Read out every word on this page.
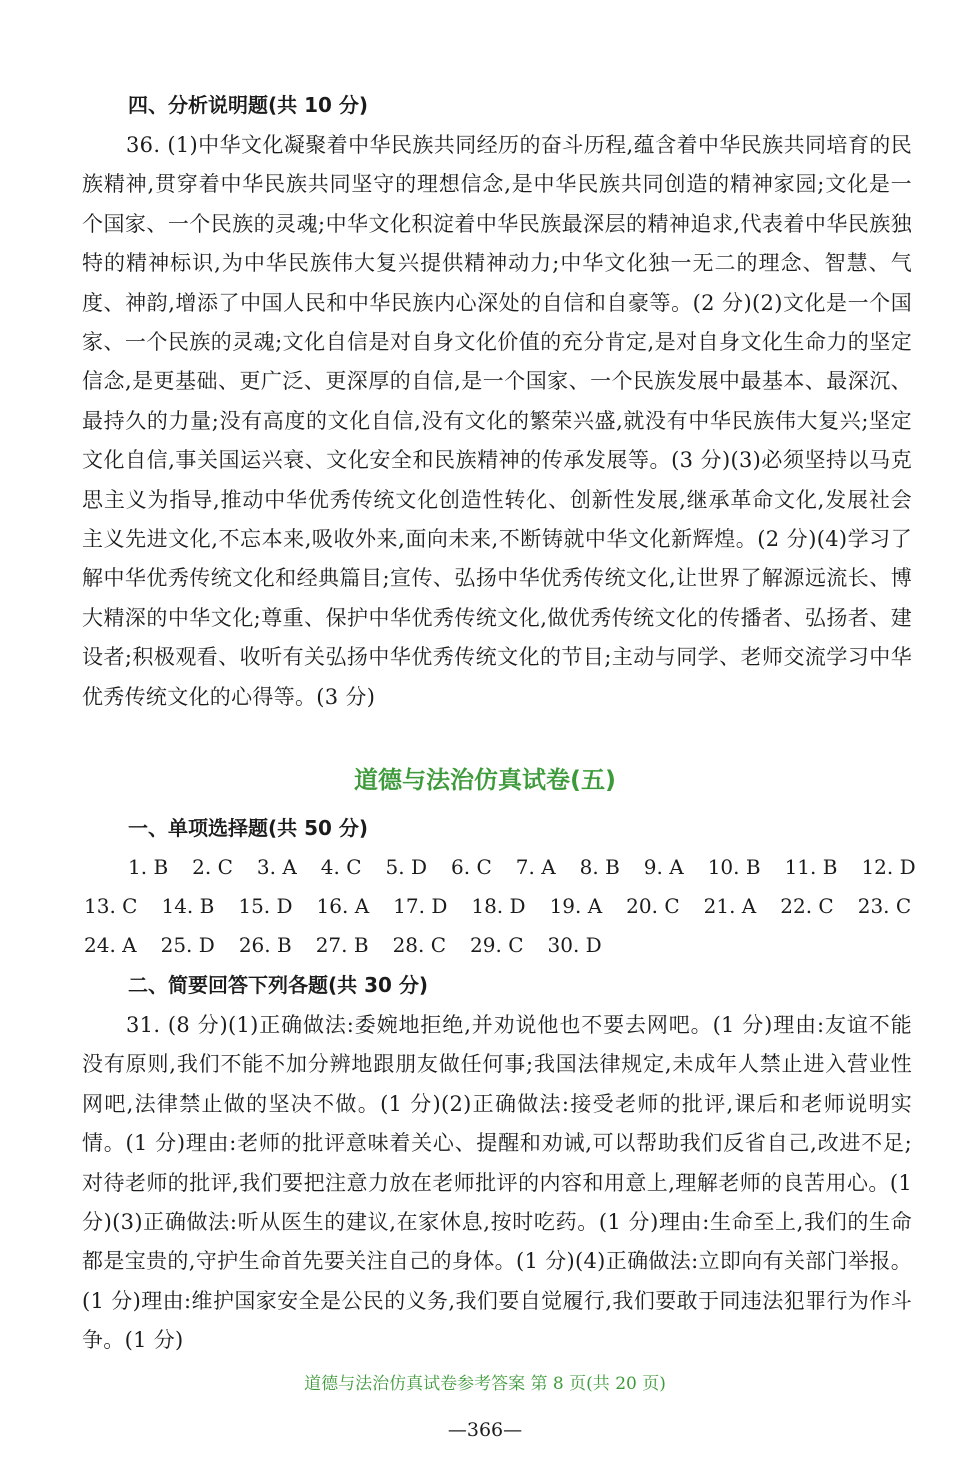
四、分析说明题(共 10 分)

36. (1)中华文化凝聚着中华民族共同经历的奋斗历程,蕴含着中华民族共同培育的民族精神,贯穿着中华民族共同坚守的理想信念,是中华民族共同创造的精神家园;文化是一个国家、一个民族的灵魂;中华文化积淀着中华民族最深层的精神追求,代表着中华民族独特的精神标识,为中华民族伟大复兴提供精神动力;中华文化独一无二的理念、智慧、气度、神韵,增添了中国人民和中华民族内心深处的自信和自豪等。(2 分)(2)文化是一个国家、一个民族的灵魂;文化自信是对自身文化价值的充分肯定,是对自身文化生命力的坚定信念,是更基础、更广泛、更深厚的自信,是一个国家、一个民族发展中最基本、最深沉、最持久的力量;没有高度的文化自信,没有文化的繁荣兴盛,就没有中华民族伟大复兴;坚定文化自信,事关国运兴衰、文化安全和民族精神的传承发展等。(3 分)(3)必须坚持以马克思主义为指导,推动中华优秀传统文化创造性转化、创新性发展,继承革命文化,发展社会主义先进文化,不忘本来,吸收外来,面向未来,不断铸就中华文化新辉煌。(2 分)(4)学习了解中华优秀传统文化和经典篇目;宣传、弘扬中华优秀传统文化,让世界了解源远流长、博大精深的中华文化;尊重、保护中华优秀传统文化,做优秀传统文化的传播者、弘扬者、建设者;积极观看、收听有关弘扬中华优秀传统文化的节目;主动与同学、老师交流学习中华优秀传统文化的心得等。(3 分)

道德与法治仿真试卷(五)

一、单项选择题(共 50 分)

1. B 2. C 3. A 4. C 5. D 6. C 7. A 8. B 9. A 10. B 11. B 12. D
13. C 14. B 15. D 16. A 17. D 18. D 19. A 20. C 21. A 22. C 23. C
24. A 25. D 26. B 27. B 28. C 29. C 30. D

二、简要回答下列各题(共 30 分)

31. (8 分)(1)正确做法:委婉地拒绝,并劝说他也不要去网吧。(1 分)理由:友谊不能没有原则,我们不能不加分辨地跟朋友做任何事;我国法律规定,未成年人禁止进入营业性网吧,法律禁止做的坚决不做。(1 分)(2)正确做法:接受老师的批评,课后和老师说明实情。(1 分)理由:老师的批评意味着关心、提醒和劝诫,可以帮助我们反省自己,改进不足;对待老师的批评,我们要把注意力放在老师批评的内容和用意上,理解老师的良苦用心。(1 分)(3)正确做法:听从医生的建议,在家休息,按时吃药。(1 分)理由:生命至上,我们的生命都是宝贵的,守护生命首先要关注自己的身体。(1 分)(4)正确做法:立即向有关部门举报。(1 分)理由:维护国家安全是公民的义务,我们要自觉履行,我们要敢于同违法犯罪行为作斗争。(1 分)

道德与法治仿真试卷参考答案 第 8 页(共 20 页)

—366—
